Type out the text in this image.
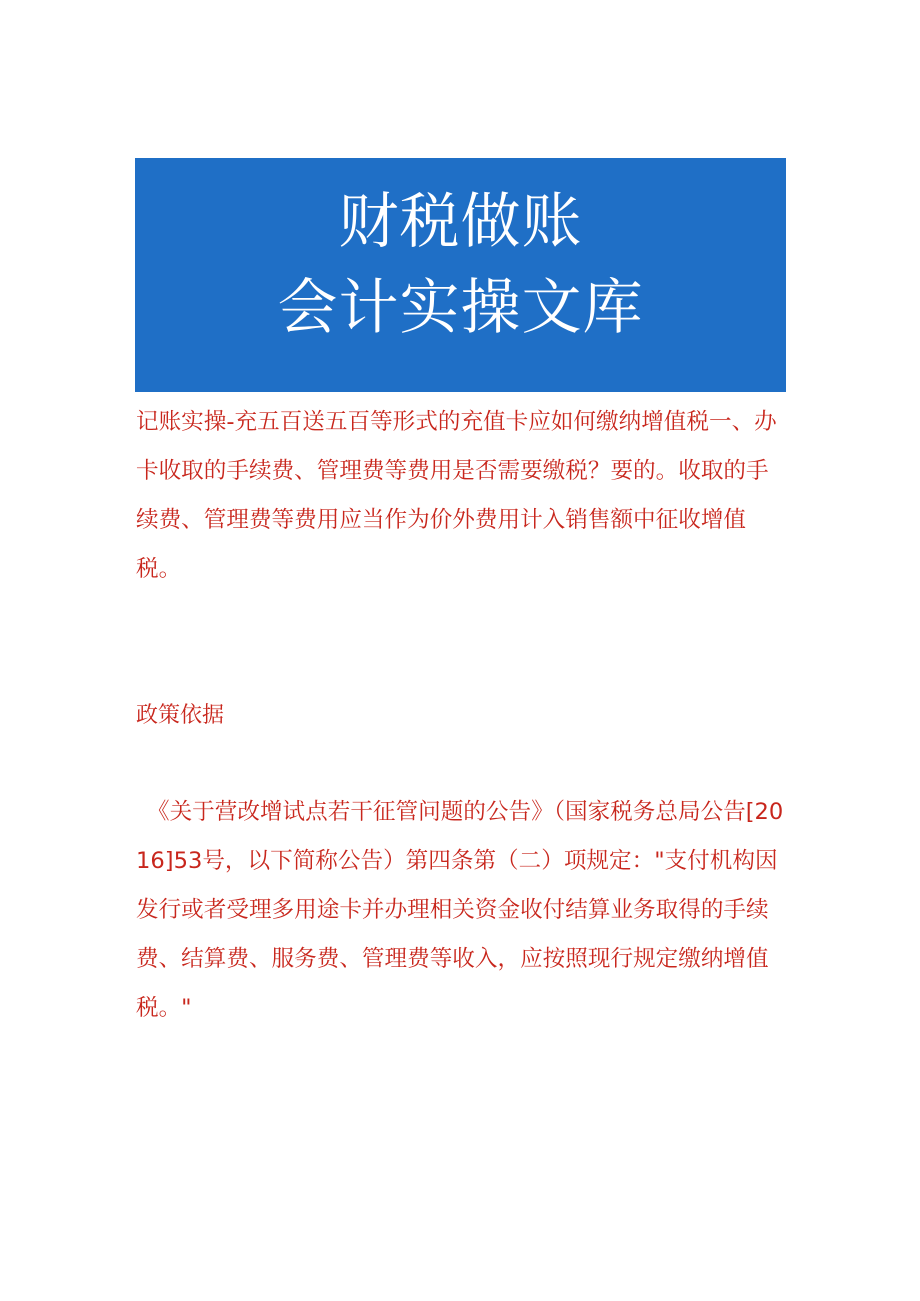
财税做账
会计实操文库

记账实操-充五百送五百等形式的充值卡应如何缴纳增值税一、办卡收取的手续费、管理费等费用是否需要缴税？要的。收取的手续费、管理费等费用应当作为价外费用计入销售额中征收增值税。

政策依据

《关于营改增试点若干征管问题的公告》（国家税务总局公告[2016]53号，以下简称公告）第四条第（二）项规定："支付机构因发行或者受理多用途卡并办理相关资金收付结算业务取得的手续费、结算费、服务费、管理费等收入，应按照现行规定缴纳增值税。"
